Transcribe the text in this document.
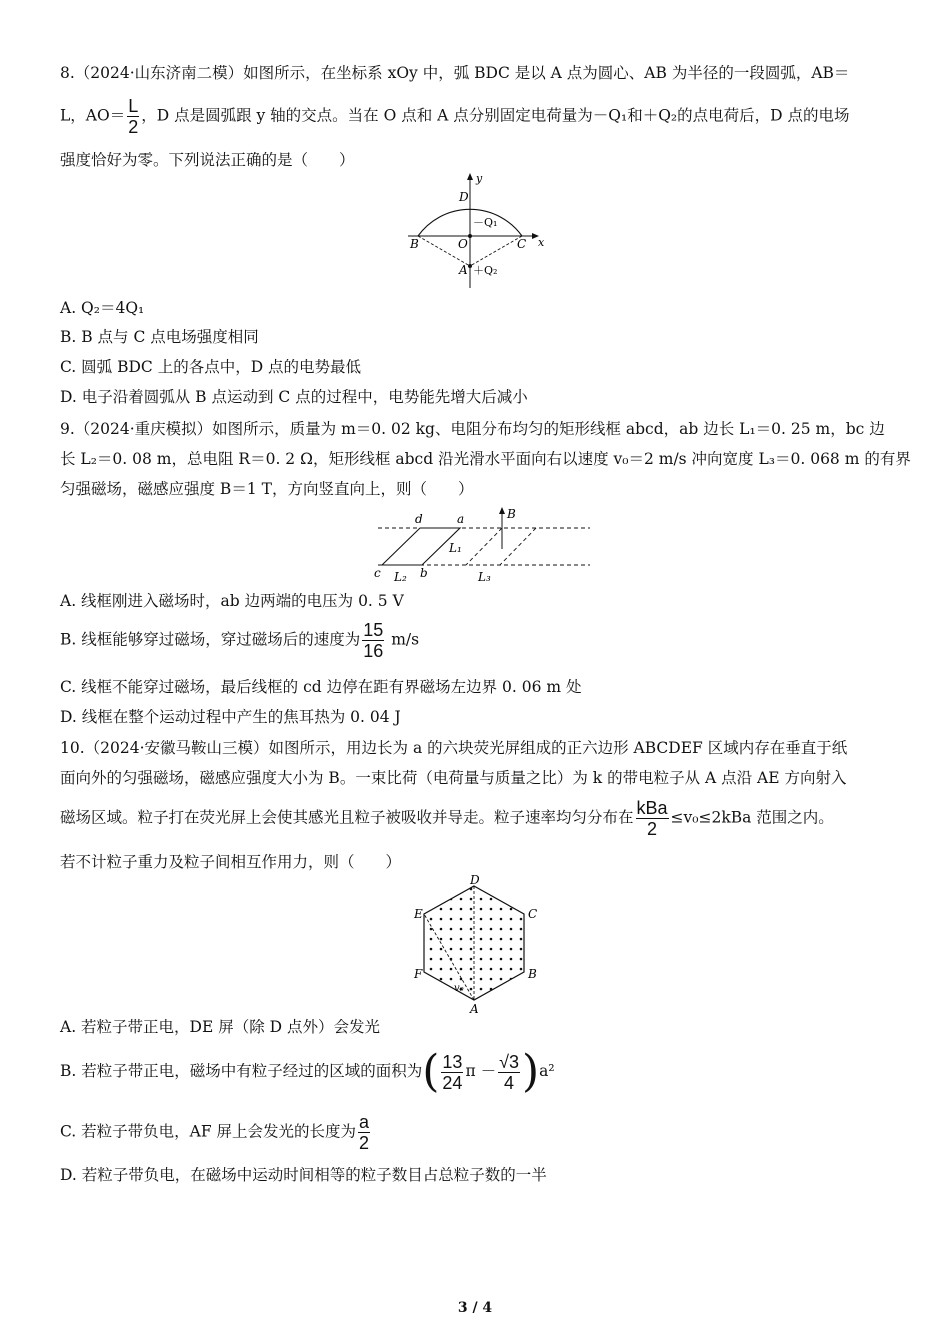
8.（2024·山东济南二模）如图所示，在坐标系 xOy 中，弧 BDC 是以 A 点为圆心、AB 为半径的一段圆弧，AB＝
L，$AO= \frac{L}{2}$ ，D 点是圆弧跟 y 轴的交点。当在 O 点和 A 点分别固定电荷量为－Q₁和＋Q₂的点电荷后，D 点的电场
强度恰好为零。下列说法正确的是（　　）
y
x
D
－Q₁
B	O	C
A ＋Q₂
A. Q₂＝4Q₁
B. B 点与 C 点电场强度相同
C. 圆弧 BDC 上的各点中，D 点的电势最低
D. 电子沿着圆弧从 B 点运动到 C 点的过程中，电势能先增大后减小
9.（2024·重庆模拟）如图所示，质量为 m＝0. 02 kg、电阻分布均匀的矩形线框 abcd，ab 边长 L₁＝0. 25 m，bc 边
长 L₂＝0. 08 m，总电阻 R＝0. 2 Ω，矩形线框 abcd 沿光滑水平面向右以速度 v₀＝2 m/s 冲向宽度 L₃＝0. 068 m 的有界
匀强磁场，磁感应强度 B＝1 T，方向竖直向上，则（　　）
d	a	B
L₁
c L₂ b	L₃
A. 线框刚进入磁场时，ab 边两端的电压为 0. 5 V
B. 线框能够穿过磁场，穿过磁场后的速度为 $\frac{15}{16} m/s$
C. 线框不能穿过磁场，最后线框的 cd 边停在距有界磁场左边界 0. 06 m 处
D. 线框在整个运动过程中产生的焦耳热为 0. 04 J
10.（2024·安徽马鞍山三模）如图所示，用边长为 a 的六块荧光屏组成的正六边形 ABCDEF 区域内存在垂直于纸
面向外的匀强磁场，磁感应强度大小为 B。一束比荷（电荷量与质量之比）为 k 的带电粒子从 A 点沿 AE 方向射入
磁场区域。粒子打在荧光屏上会使其感光且粒子被吸收并导走。粒子速率均匀分布在 $\frac{\text{kBa}}{2} \le v_0\le 2kBa$ 范围之内。
若不计粒子重力及粒子间相互作用力，则（　　）
D
E	C
F	B
v₀
A
A. 若粒子带正电，DE 屏（除 D 点外）会发光
B. 若粒子带正电，磁场中有粒子经过的区域的面积为( $\frac{13}{24}$ $\pi - \frac{√3}{4} )a^2$
C. 若粒子带负电，AF 屏上会发光的长度为 $\frac{a}{2}$
D. 若粒子带负电，在磁场中运动时间相等的粒子数目占总粒子数的一半
3 / 4
